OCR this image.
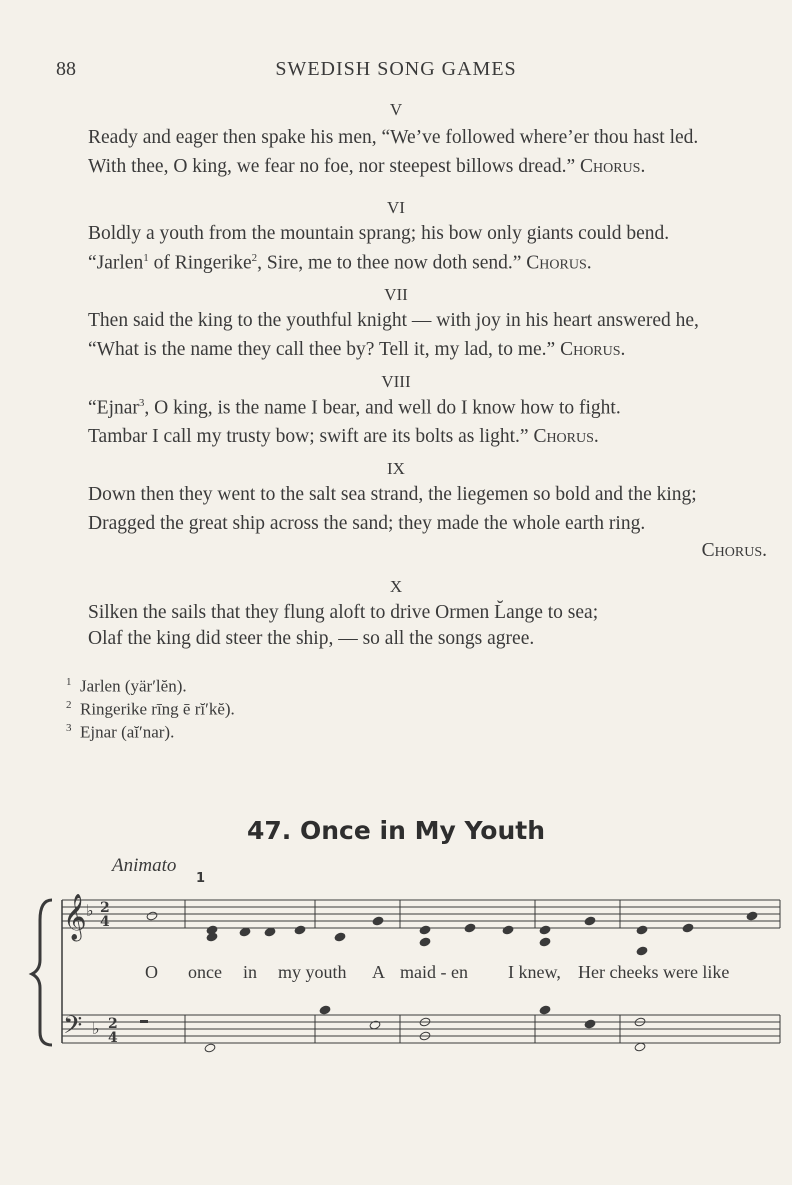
88	SWEDISH SONG GAMES
V
Ready and eager then spake his men, “We’ve followed where’er thou hast led.
With thee, O king, we fear no foe, nor steepest billows dread.” Chorus.
VI
Boldly a youth from the mountain sprang; his bow only giants could bend.
“Jarlen$^1$ of Ringerike$^2$, Sire, me to thee now doth send.” Chorus.
VII
Then said the king to the youthful knight — with joy in his heart answered he,
“What is the name they call thee by? Tell it, my lad, to me.” Chorus.
VIII
“Ejnar$^3$, O king, is the name I bear, and well do I know how to fight.
Tambar I call my trusty bow; swift are its bolts as light.” Chorus.
IX
Down then they went to the salt sea strand, the liegemen so bold and the king;
Dragged the great ship across the sand; they made the whole earth ring.
Chorus.
X
Silken the sails that they flung aloft to drive Ormen L̆ange to sea;
Olaf the king did steer the ship, — so all the songs agree.
$^1$ Jarlen (yär′lĕn).
$^2$ Ringerike rīng ē rĭ′kĕ).
$^3$ Ejnar (aĭ′nar).
47. Once in My Youth
Animato
1
𝄞
𝄢
♭
♭
2
4
2
4
O once in my youth A maid - en I knew, Her cheeks were like
